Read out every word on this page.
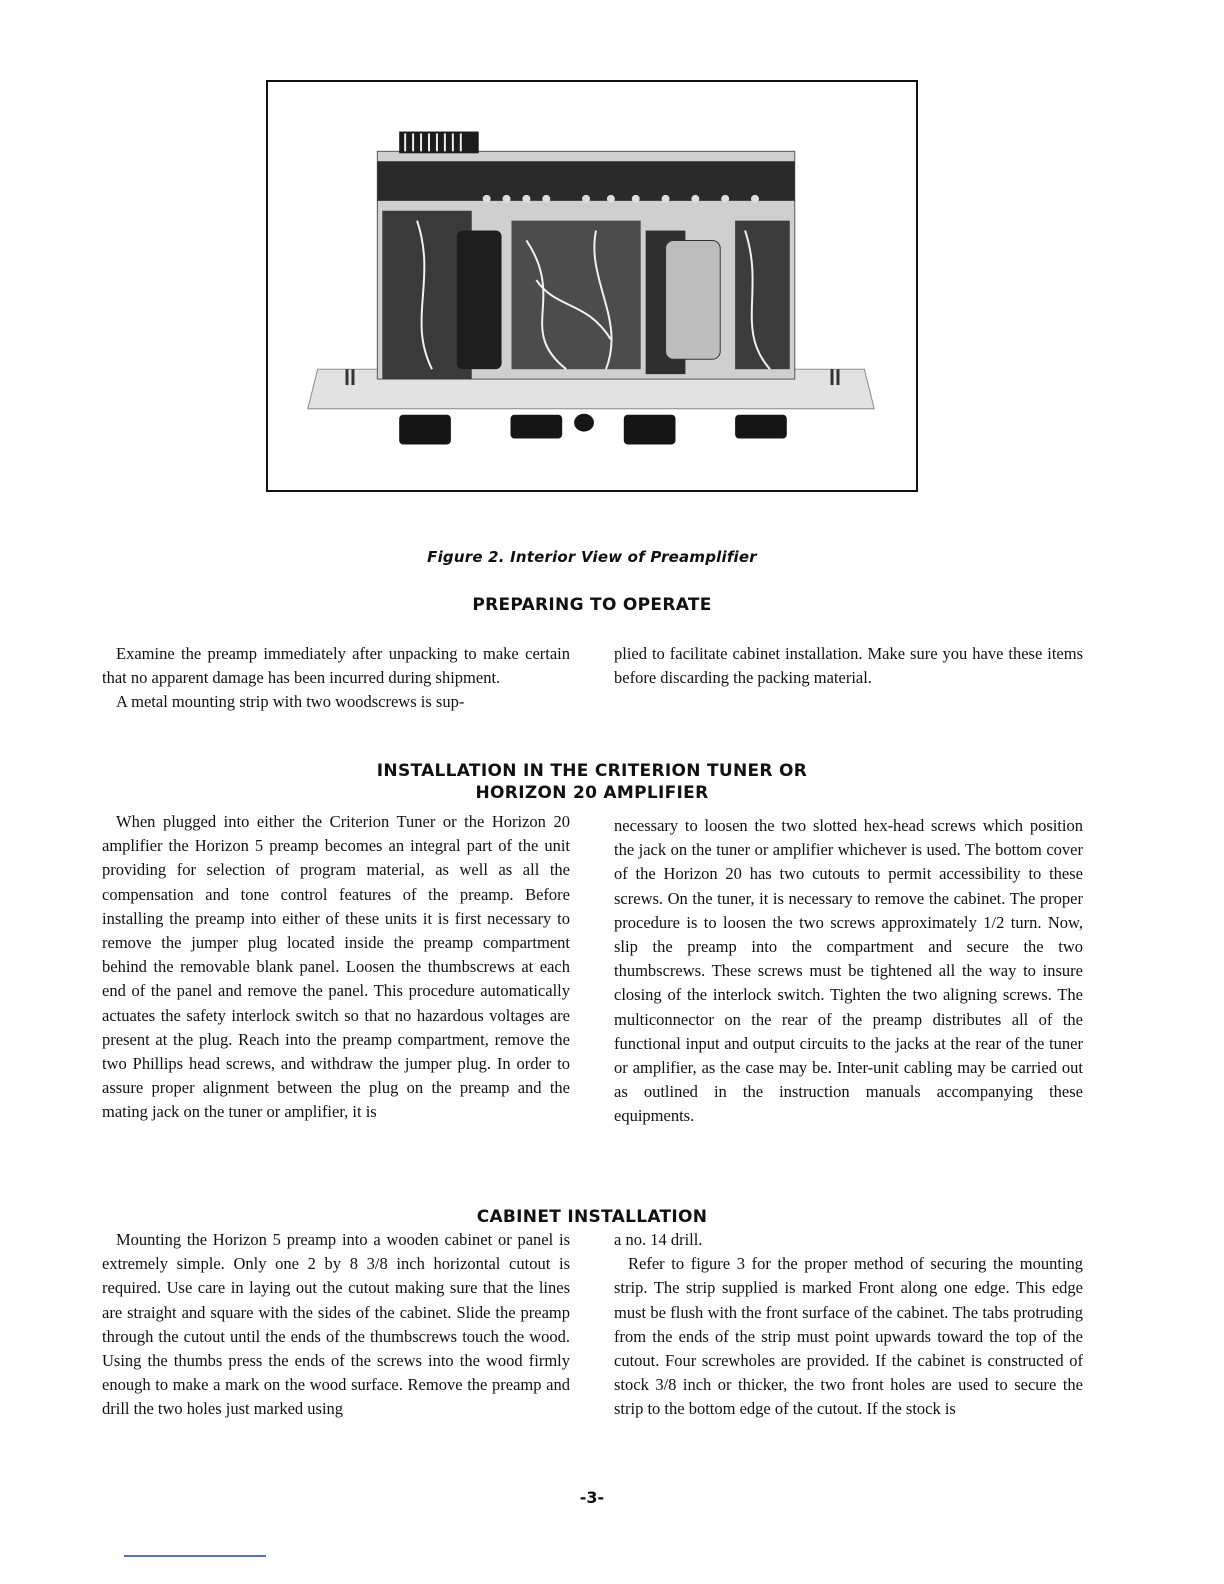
Figure 2. Interior View of Preamplifier
PREPARING TO OPERATE

Examine the preamp immediately after unpacking to make certain that no apparent damage has been incurred during shipment.

A metal mounting strip with two woodscrews is sup-

plied to facilitate cabinet installation. Make sure you have these items before discarding the packing material.

INSTALLATION IN THE CRITERION TUNER OR
HORIZON 20 AMPLIFIER

When plugged into either the Criterion Tuner or the Horizon 20 amplifier the Horizon 5 preamp becomes an integral part of the unit providing for selection of program material, as well as all the compensation and tone control features of the preamp. Before installing the preamp into either of these units it is first necessary to remove the jumper plug located inside the preamp compartment behind the removable blank panel. Loosen the thumbscrews at each end of the panel and remove the panel. This procedure automatically actuates the safety interlock switch so that no hazardous voltages are present at the plug. Reach into the preamp compartment, remove the two Phillips head screws, and withdraw the jumper plug. In order to assure proper alignment between the plug on the preamp and the mating jack on the tuner or amplifier, it is

necessary to loosen the two slotted hex-head screws which position the jack on the tuner or amplifier whichever is used. The bottom cover of the Horizon 20 has two cutouts to permit accessibility to these screws. On the tuner, it is necessary to remove the cabinet. The proper procedure is to loosen the two screws approximately 1/2 turn. Now, slip the preamp into the compartment and secure the two thumbscrews. These screws must be tightened all the way to insure closing of the interlock switch. Tighten the two aligning screws. The multiconnector on the rear of the preamp distributes all of the functional input and output circuits to the jacks at the rear of the tuner or amplifier, as the case may be. Inter-unit cabling may be carried out as outlined in the instruction manuals accompanying these equipments.

CABINET INSTALLATION

Mounting the Horizon 5 preamp into a wooden cabinet or panel is extremely simple. Only one 2 by 8 3/8 inch horizontal cutout is required. Use care in laying out the cutout making sure that the lines are straight and square with the sides of the cabinet. Slide the preamp through the cutout until the ends of the thumbscrews touch the wood. Using the thumbs press the ends of the screws into the wood firmly enough to make a mark on the wood surface. Remove the preamp and drill the two holes just marked using

a no. 14 drill.

Refer to figure 3 for the proper method of securing the mounting strip. The strip supplied is marked Front along one edge. This edge must be flush with the front surface of the cabinet. The tabs protruding from the ends of the strip must point upwards toward the top of the cutout. Four screwholes are provided. If the cabinet is constructed of stock 3/8 inch or thicker, the two front holes are used to secure the strip to the bottom edge of the cutout. If the stock is

-3-
